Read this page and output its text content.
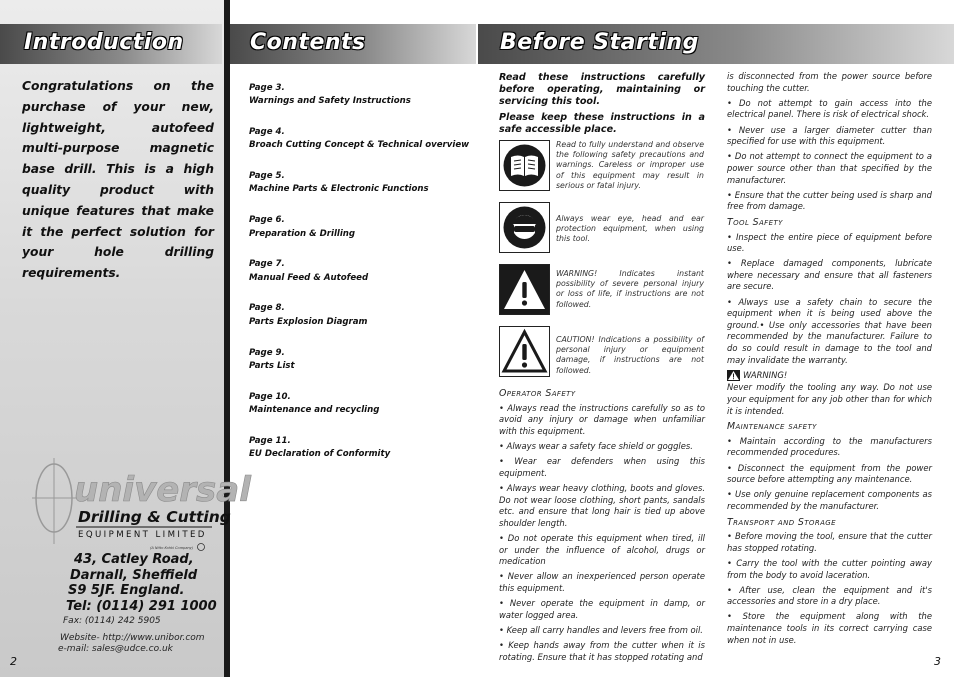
Introduction
Congratulations on the purchase of your new, lightweight, autofeed multi-purpose magnetic base drill. This is a high quality product with unique features that make it the perfect solution for your hole drilling requirements.
universal
Drilling & Cutting
EQUIPMENT LIMITED
(A Nitto Kohki Company)
43, Catley Road,
Darnall, Sheffield
S9 5JF. England.
Tel: (0114) 291 1000
Fax: (0114) 242 5905
Website- http://www.unibor.com
e-mail: sales@udce.co.uk
2
Contents
Page 3.
Warnings and Safety Instructions
Page 4.
Broach Cutting Concept & Technical overview
Page 5.
Machine Parts & Electronic Functions
Page 6.
Preparation & Drilling
Page 7.
Manual Feed & Autofeed
Page 8.
Parts Explosion Diagram
Page 9.
Parts List
Page 10.
Maintenance and recycling
Page 11.
EU Declaration of Conformity
Before Starting
Read these instructions carefully before operating, maintaining or servicing this tool.
Please keep these instructions in a safe accessible place.
Read to fully understand and observe the following safety precautions and warnings. Careless or improper use of this equipment may result in serious or fatal injury.
Always wear eye, head and ear protection equipment, when using this tool.
WARNING! Indicates instant possibility of severe personal injury or loss of life, if instructions are not followed.
CAUTION! Indications a possibility of personal injury or equipment damage, if instructions are not followed.
Operator Safety

• Always read the instructions carefully so as to avoid any injury or damage when unfamiliar with this equipment.

• Always wear a safety face shield or goggles.

• Wear ear defenders when using this equipment.

• Always wear heavy clothing, boots and gloves. Do not wear loose clothing, short pants, sandals etc. and ensure that long hair is tied up above shoulder length.

• Do not operate this equipment when tired, ill or under the influence of alcohol, drugs or medication

• Never allow an inexperienced person operate this equipment.

• Never operate the equipment in damp, or water logged area.

• Keep all carry handles and levers free from oil.

• Keep hands away from the cutter when it is rotating. Ensure that it has stopped rotating and

is disconnected from the power source before touching the cutter.

• Do not attempt to gain access into the electrical panel. There is risk of electrical shock.

• Never use a larger diameter cutter than specified for use with this equipment.

• Do not attempt to connect the equipment to a power source other than that specified by the manufacturer.

• Ensure that the cutter being used is sharp and free from damage.

Tool Safety

• Inspect the entire piece of equipment before use.

• Replace damaged components, lubricate where necessary and ensure that all fasteners are secure.

• Always use a safety chain to secure the equipment when it is being used above the ground.• Use only accessories that have been recommended by the manufacturer. Failure to do so could result in damage to the tool and may invalidate the warranty.

WARNING!

Never modify the tooling any way. Do not use your equipment for any job other than for which it is intended.

Maintenance safety

• Maintain according to the manufacturers recommended procedures.

• Disconnect the equipment from the power source before attempting any maintenance.

• Use only genuine replacement components as recommended by the manufacturer.

Transport and Storage

• Before moving the tool, ensure that the cutter has stopped rotating.

• Carry the tool with the cutter pointing away from the body to avoid laceration.

• After use, clean the equipment and it's accessories and store in a dry place.

• Store the equipment along with the maintenance tools in its correct carrying case when not in use.

3
